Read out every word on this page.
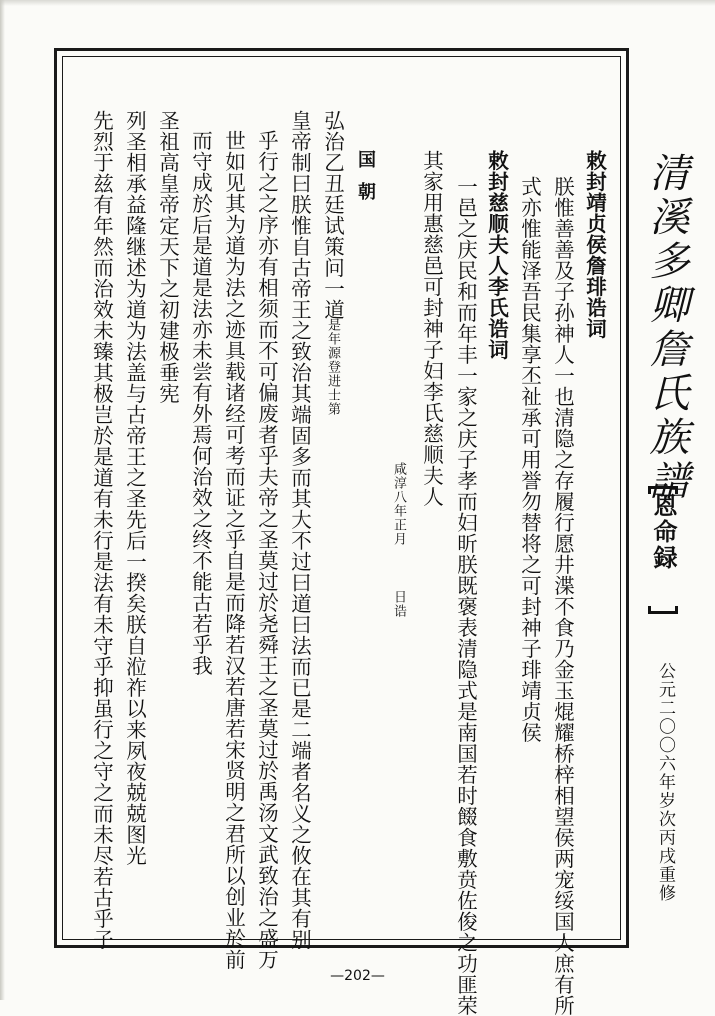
敕封靖贞侯詹琲诰词
朕惟善善及子孙神人一也清隐之存履行愿井渫不食乃金玉焜耀桥梓相望侯两宠绥国人庶有所
式亦惟能泽吾民集享丕祉承可用誉勿替将之可封神子琲靖贞侯
敕封慈顺夫人李氏诰词
一邑之庆民和而年丰一家之庆子孝而妇昕朕既褒表清隐式是南国若时餟食敷贲佐俊之功匪荣
其家用惠慈邑可封神子妇李氏慈顺夫人
咸淳八年正月
日诰
国朝
弘治乙丑廷试策问一道
是年源登进士第
皇帝制曰朕惟自古帝王之致治其端固多而其大不过曰道曰法而已是二端者名义之攸在其有别
乎行之之序亦有相须而不可偏废者乎夫帝之圣莫过於尧舜王之圣莫过於禹汤文武致治之盛万
世如见其为道为法之迹具载诸经可考而证之乎自是而降若汉若唐若宋贤明之君所以创业於前
而守成於后是道是法亦未尝有外焉何治效之终不能古若乎我
圣祖高皇帝定天下之初建极垂宪
列圣相承益隆继述为道为法盖与古帝王之圣先后一揆矣朕自涖祚以来夙夜兢兢图光
先烈于兹有年然而治效未臻其极岂於是道有未行是法有未守乎抑虽行之守之而未尽若古乎子	清溪多卿詹氏族譜
恩命録
公元二〇〇六年岁次丙戌重修
—202—
